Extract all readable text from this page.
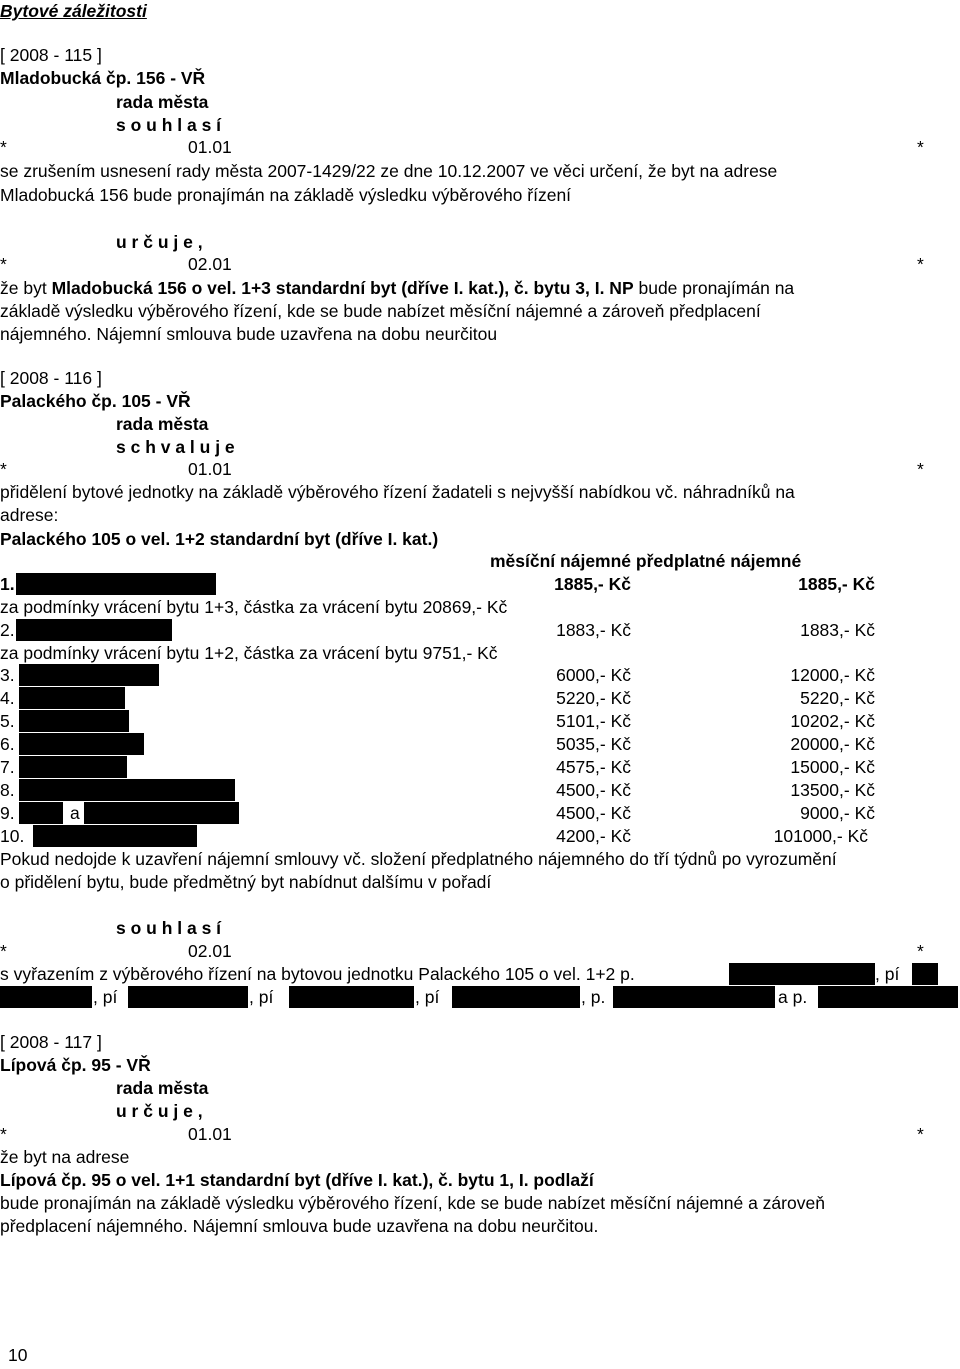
Bytové záležitosti
[ 2008 - 115 ]
Mladobucká čp. 156 - VŘ
rada města
s o u h l a s í
*	01.01	*
se zrušením usnesení rady města 2007-1429/22 ze dne 10.12.2007 ve věci určení, že byt na adrese
Mladobucká 156 bude pronajímán na základě výsledku výběrového řízení
u r č u j e ,
*	02.01	*
že byt Mladobucká 156 o vel. 1+3 standardní byt (dříve I. kat.), č. bytu 3, I. NP bude pronajímán na
základě výsledku výběrového řízení, kde se bude nabízet měsíční nájemné a zároveň předplacení
nájemného. Nájemní smlouva bude uzavřena na dobu neurčitou
[ 2008 - 116 ]
Palackého čp. 105 - VŘ
rada města
s c h v a l u j e
*	01.01	*
přidělení bytové jednotky na základě výběrového řízení žadateli s nejvyšší nabídkou vč. náhradníků na
adrese:
Palackého 105 o vel. 1+2 standardní byt (dříve I. kat.)
měsíční nájemné předplatné nájemné
1.	1885,- Kč	1885,- Kč
za podmínky vrácení bytu 1+3, částka za vrácení bytu 20869,- Kč
2.	1883,- Kč	1883,- Kč
za podmínky vrácení bytu 1+2, částka za vrácení bytu 9751,- Kč
3.	6000,- Kč	12000,- Kč
4.	5220,- Kč	5220,- Kč
5.	5101,- Kč	10202,- Kč
6.	5035,- Kč	20000,- Kč
7.	4575,- Kč	15000,- Kč
8.	4500,- Kč	13500,- Kč
9.	a	4500,- Kč	9000,- Kč
10.	4200,- Kč	101000,- Kč
Pokud nedojde k uzavření nájemní smlouvy vč. složení předplatného nájemného do tří týdnů po vyrozumění
o přidělení bytu, bude předmětný byt nabídnut dalšímu v pořadí
s o u h l a s í
*	02.01	*
s vyřazením z výběrového řízení na bytovou jednotku Palackého 105 o vel. 1+2 p.	, pí
, pí	, pí	, pí	, p.	a p.
[ 2008 - 117 ]
Lípová čp. 95 - VŘ
rada města
u r č u j e ,
*	01.01	*
že byt na adrese
Lípová čp. 95 o vel. 1+1 standardní byt (dříve I. kat.), č. bytu 1, I. podlaží
bude pronajímán na základě výsledku výběrového řízení, kde se bude nabízet měsíční nájemné a zároveň
předplacení nájemného. Nájemní smlouva bude uzavřena na dobu neurčitou.
10
